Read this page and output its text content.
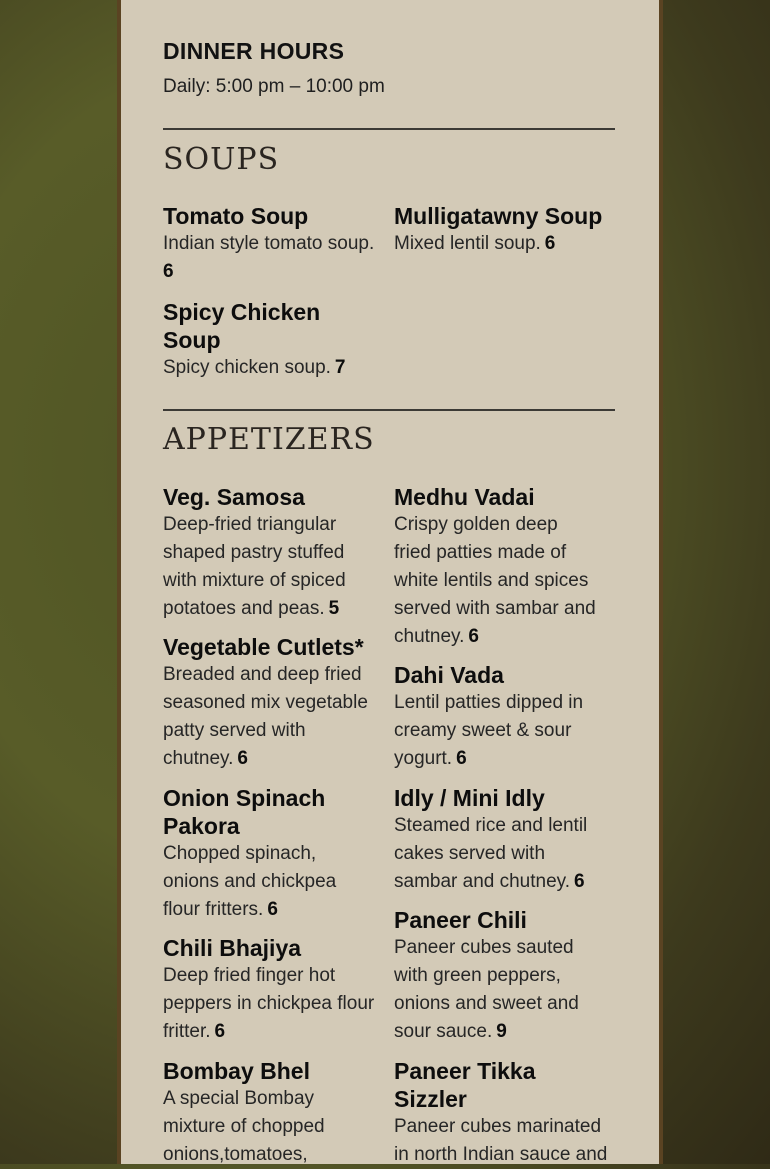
DINNER HOURS
Daily: 5:00 pm – 10:00 pm
SOUPS
Tomato Soup
Indian style tomato soup.
6
Mulligatawny Soup
Mixed lentil soup. 6
Spicy Chicken Soup
Spicy chicken soup. 7
APPETIZERS
Veg. Samosa
Deep-fried triangular shaped pastry stuffed with mixture of spiced potatoes and peas. 5
Vegetable Cutlets*
Breaded and deep fried seasoned mix vegetable patty served with chutney. 6
Onion Spinach Pakora
Chopped spinach, onions and chickpea flour fritters. 6
Chili Bhajiya
Deep fried finger hot peppers in chickpea flour fritter. 6
Bombay Bhel
A special Bombay mixture of chopped onions,tomatoes,
Medhu Vadai
Crispy golden deep fried patties made of white lentils and spices served with sambar and chutney. 6
Dahi Vada
Lentil patties dipped in creamy sweet & sour yogurt. 6
Idly / Mini Idly
Steamed rice and lentil cakes served with sambar and chutney. 6
Paneer Chili
Paneer cubes sauted with green peppers, onions and sweet and sour sauce. 9
Paneer Tikka Sizzler
Paneer cubes marinated in north Indian sauce and
